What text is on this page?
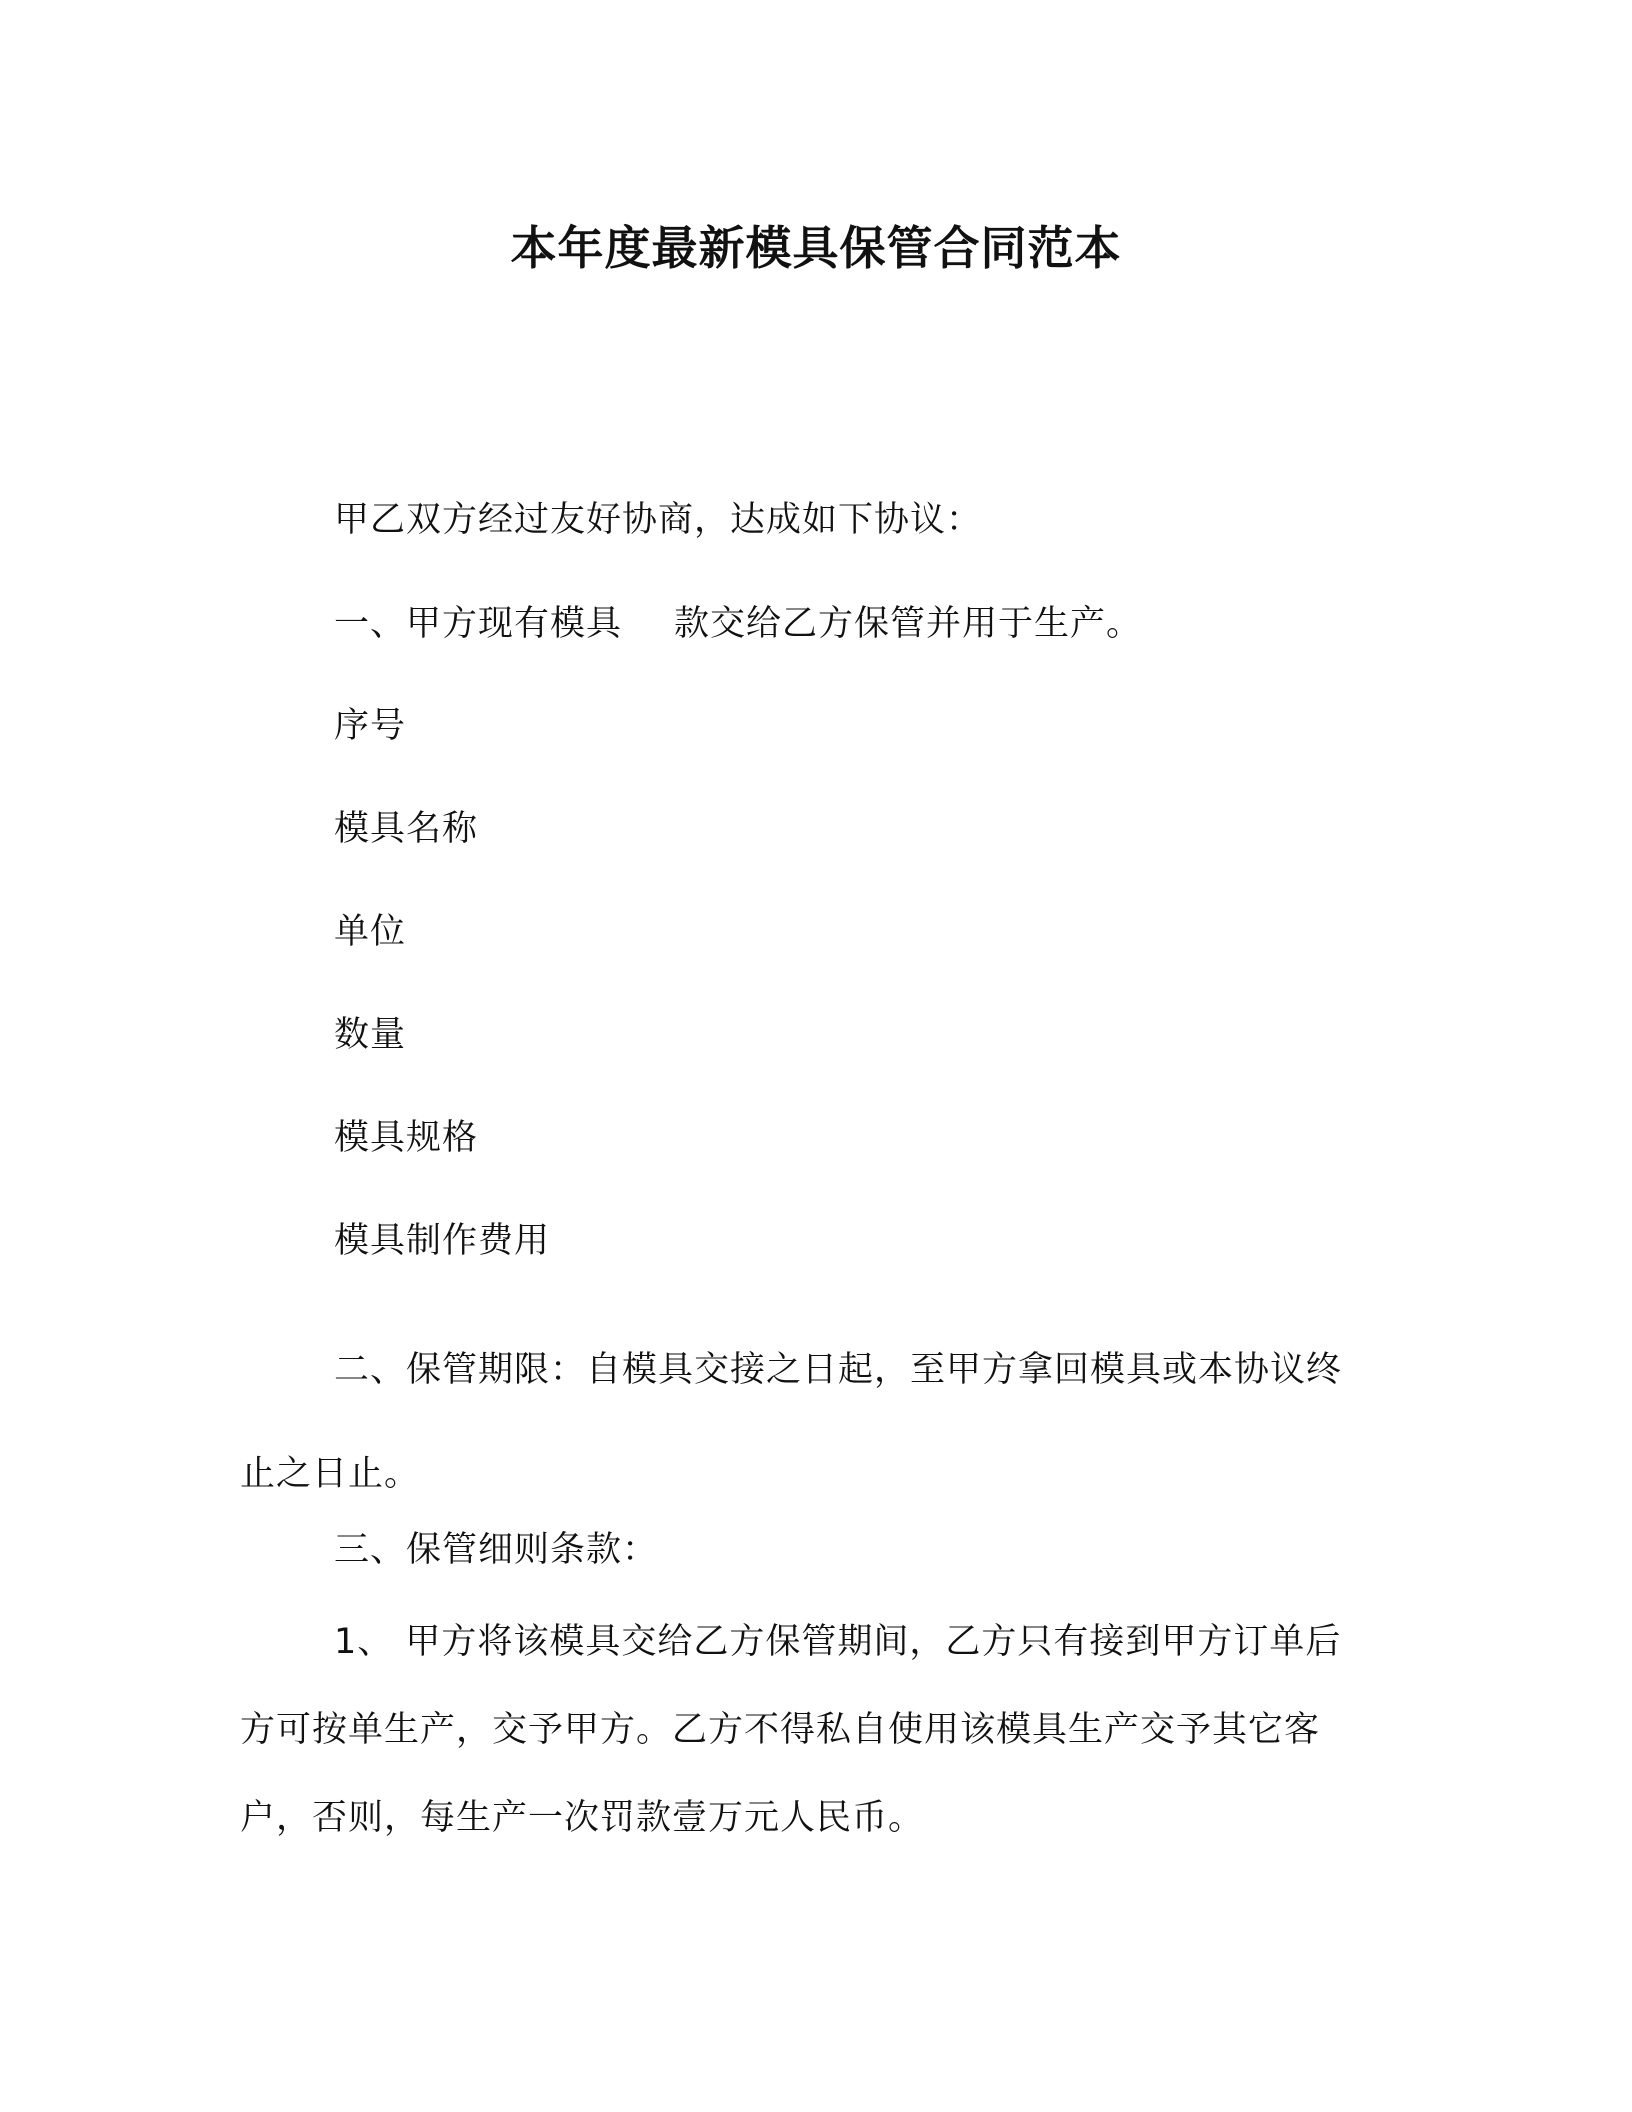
本年度最新模具保管合同范本
甲乙双方经过友好协商，达成如下协议：
一、甲方现有模具 款交给乙方保管并用于生产。
序号
模具名称
单位
数量
模具规格
模具制作费用
二、保管期限：自模具交接之日起，至甲方拿回模具或本协议终
止之日止。
三、保管细则条款：
1、 甲方将该模具交给乙方保管期间，乙方只有接到甲方订单后
方可按单生产，交予甲方。乙方不得私自使用该模具生产交予其它客
户，否则，每生产一次罚款壹万元人民币。
